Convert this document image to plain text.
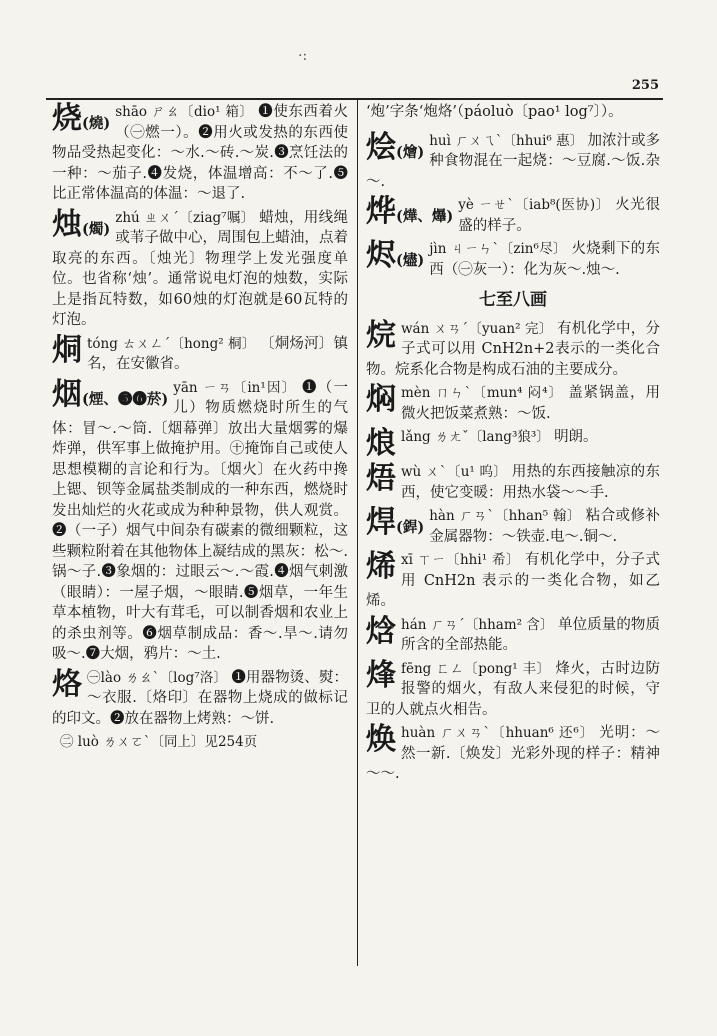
·:
255
烧(燒)
shāo ㄕㄠ〔dio¹ 箱〕 ❶使东西着火（㊀燃一）。❷用火或发热的东西使物品受热起变化：～水.～砖.～炭.❸烹饪法的一种：～茄子.❹发烧，体温增高：不～了.❺比正常体温高的体温：～退了.
烛(燭)
zhú ㄓㄨˊ〔ziag⁷嘱〕 蜡烛，用线绳或苇子做中心，周围包上蜡油，点着取亮的东西。〔烛光〕物理学上发光强度单位。也省称‘烛’。通常说电灯泡的烛数，实际上是指瓦特数，如60烛的灯泡就是60瓦特的灯泡。
烔tóng ㄊㄨㄥˊ〔hong² 桐〕 〔烔炀河〕镇名，在安徽省。
烟(煙、❺❻菸)
yān ㄧㄢ〔in¹因〕 ❶（一儿）物质燃烧时所生的气体：冒～.～筒.〔烟幕弹〕放出大量烟雾的爆炸弹，供军事上做掩护用。㊉掩饰自己或使人思想模糊的言论和行为。〔烟火〕在火药中搀上锶、钡等金属盐类制成的一种东西，燃烧时发出灿烂的火花或成为种种景物，供人观赏。❷（一子）烟气中间杂有碳素的微细颗粒，这些颗粒附着在其他物体上凝结成的黑灰：松～.锅～子.❸象烟的：过眼云～.～霞.❹烟气刺激（眼睛）：一屋子烟，～眼睛.❺烟草，一年生草本植物，叶大有茸毛，可以制香烟和农业上的杀虫剂等。❻烟草制成品：香～.旱～.请勿吸～.❼大烟，鸦片：～土.
烙 ㊀lào ㄌㄠˋ〔log⁷洛〕 ❶用器物烫、熨：～衣服.〔烙印〕在器物上烧成的做标记的印文。❷放在器物上烤熟：～饼.
㊁ luò ㄌㄨㄛˋ〔同上〕见254页
‘炮’字条‘炮烙’（páoluò〔pao¹ log⁷〕）。
烩(燴)
huì ㄏㄨㄟˋ〔hhui⁶ 惠〕 加浓汁或多种食物混在一起烧：～豆腐.～饭.杂～.
烨(燁、爗)
yè ㄧㄝˋ〔iab⁸(医协)〕 火光很盛的样子。
烬(燼)
jìn ㄐㄧㄣˋ〔zin⁶尽〕 火烧剩下的东西（㊀灰一）：化为灰～.烛～.
七至八画
烷wán ㄨㄢˊ〔yuan² 完〕 有机化学中，分子式可以用 CnH2n+2表示的一类化合物。烷系化合物是构成石油的主要成分。
焖mèn ㄇㄣˋ〔mun⁴ 闷⁴〕 盖紧锅盖，用微火把饭菜煮熟：～饭.
烺lǎng ㄌㄤˇ〔lang³狼³〕 明朗。
焐wù ㄨˋ〔u¹ 呜〕 用热的东西接触凉的东西，使它变暖：用热水袋～～手.
焊(銲)
hàn ㄏㄢˋ〔hhan⁵ 翰〕 粘合或修补金属器物：～铁壶.电～.铜～.
烯xī ㄒㄧ〔hhi¹ 希〕 有机化学中，分子式用 CnH2n 表示的一类化合物，如乙烯。
焓hán ㄏㄢˊ〔hham² 含〕 单位质量的物质所含的全部热能。
烽fēng ㄈㄥ〔pong¹ 丰〕 烽火，古时边防报警的烟火，有敌人来侵犯的时候，守卫的人就点火相告。
焕huàn ㄏㄨㄢˋ〔hhuan⁶ 还⁶〕 光明：～然一新.〔焕发〕光彩外现的样子：精神～～.
